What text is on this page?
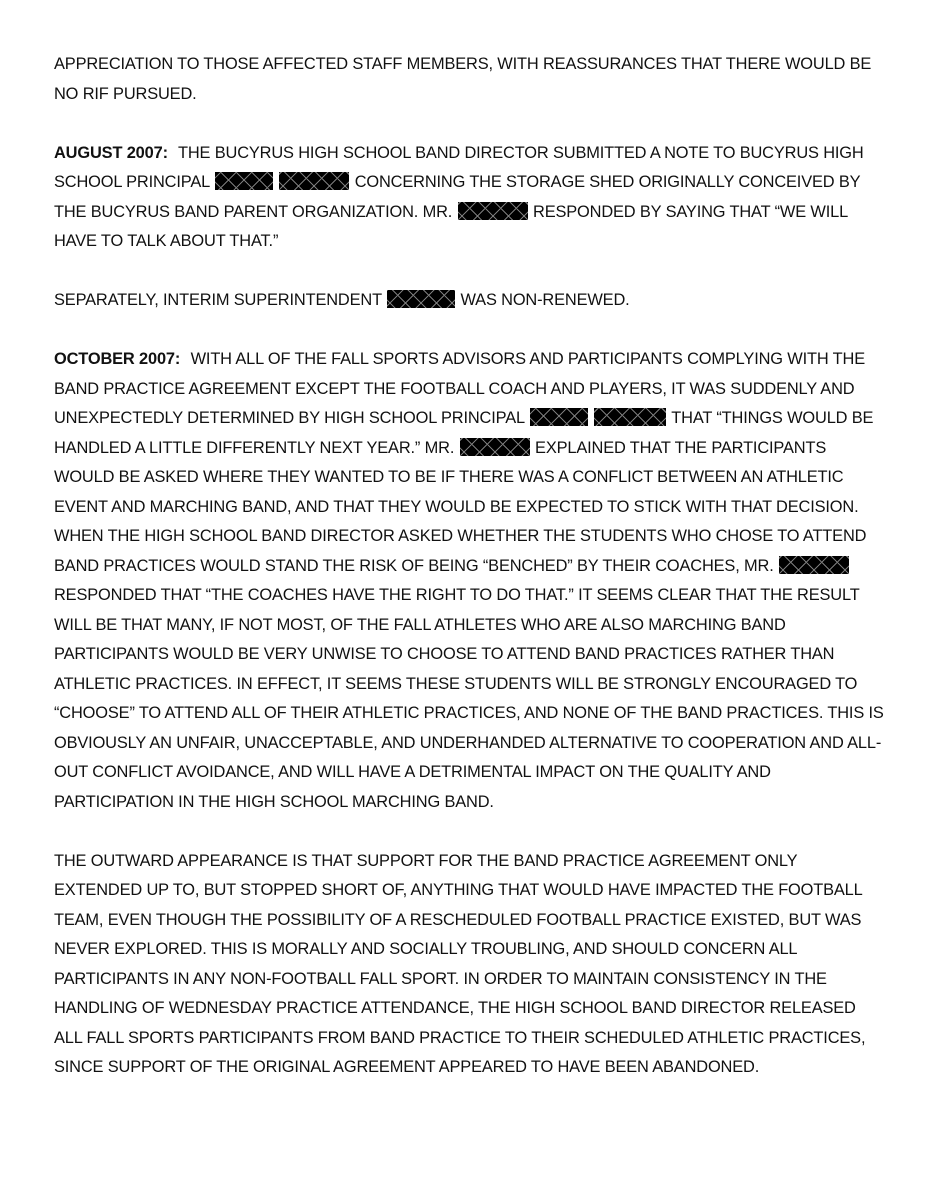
APPRECIATION TO THOSE AFFECTED STAFF MEMBERS, WITH REASSURANCES THAT THERE WOULD BE NO RIF PURSUED.

AUGUST 2007: THE BUCYRUS HIGH SCHOOL BAND DIRECTOR SUBMITTED A NOTE TO BUCYRUS HIGH SCHOOL PRINCIPAL	CONCERNING THE STORAGE SHED ORIGINALLY CONCEIVED BY THE BUCYRUS BAND PARENT ORGANIZATION. MR.	RESPONDED BY SAYING THAT “WE WILL HAVE TO TALK ABOUT THAT.”

SEPARATELY, INTERIM SUPERINTENDENT	WAS NON-RENEWED.

OCTOBER 2007: WITH ALL OF THE FALL SPORTS ADVISORS AND PARTICIPANTS COMPLYING WITH THE BAND PRACTICE AGREEMENT EXCEPT THE FOOTBALL COACH AND PLAYERS, IT WAS SUDDENLY AND UNEXPECTEDLY DETERMINED BY HIGH SCHOOL PRINCIPAL	THAT “THINGS WOULD BE HANDLED A LITTLE DIFFERENTLY NEXT YEAR.” MR.	EXPLAINED THAT THE PARTICIPANTS WOULD BE ASKED WHERE THEY WANTED TO BE IF THERE WAS A CONFLICT BETWEEN AN ATHLETIC EVENT AND MARCHING BAND, AND THAT THEY WOULD BE EXPECTED TO STICK WITH THAT DECISION. WHEN THE HIGH SCHOOL BAND DIRECTOR ASKED WHETHER THE STUDENTS WHO CHOSE TO ATTEND BAND PRACTICES WOULD STAND THE RISK OF BEING “BENCHED” BY THEIR COACHES, MR.  RESPONDED THAT “THE COACHES HAVE THE RIGHT TO DO THAT.” IT SEEMS CLEAR THAT THE RESULT WILL BE THAT MANY, IF NOT MOST, OF THE FALL ATHLETES WHO ARE ALSO MARCHING BAND PARTICIPANTS WOULD BE VERY UNWISE TO CHOOSE TO ATTEND BAND PRACTICES RATHER THAN ATHLETIC PRACTICES. IN EFFECT, IT SEEMS THESE STUDENTS WILL BE STRONGLY ENCOURAGED TO “CHOOSE” TO ATTEND ALL OF THEIR ATHLETIC PRACTICES, AND NONE OF THE BAND PRACTICES. THIS IS OBVIOUSLY AN UNFAIR, UNACCEPTABLE, AND UNDERHANDED ALTERNATIVE TO COOPERATION AND ALL-OUT CONFLICT AVOIDANCE, AND WILL HAVE A DETRIMENTAL IMPACT ON THE QUALITY AND PARTICIPATION IN THE HIGH SCHOOL MARCHING BAND.

THE OUTWARD APPEARANCE IS THAT SUPPORT FOR THE BAND PRACTICE AGREEMENT ONLY EXTENDED UP TO, BUT STOPPED SHORT OF, ANYTHING THAT WOULD HAVE IMPACTED THE FOOTBALL TEAM, EVEN THOUGH THE POSSIBILITY OF A RESCHEDULED FOOTBALL PRACTICE EXISTED, BUT WAS NEVER EXPLORED. THIS IS MORALLY AND SOCIALLY TROUBLING, AND SHOULD CONCERN ALL PARTICIPANTS IN ANY NON-FOOTBALL FALL SPORT. IN ORDER TO MAINTAIN CONSISTENCY IN THE HANDLING OF WEDNESDAY PRACTICE ATTENDANCE, THE HIGH SCHOOL BAND DIRECTOR RELEASED ALL FALL SPORTS PARTICIPANTS FROM BAND PRACTICE TO THEIR SCHEDULED ATHLETIC PRACTICES, SINCE SUPPORT OF THE ORIGINAL AGREEMENT APPEARED TO HAVE BEEN ABANDONED.
